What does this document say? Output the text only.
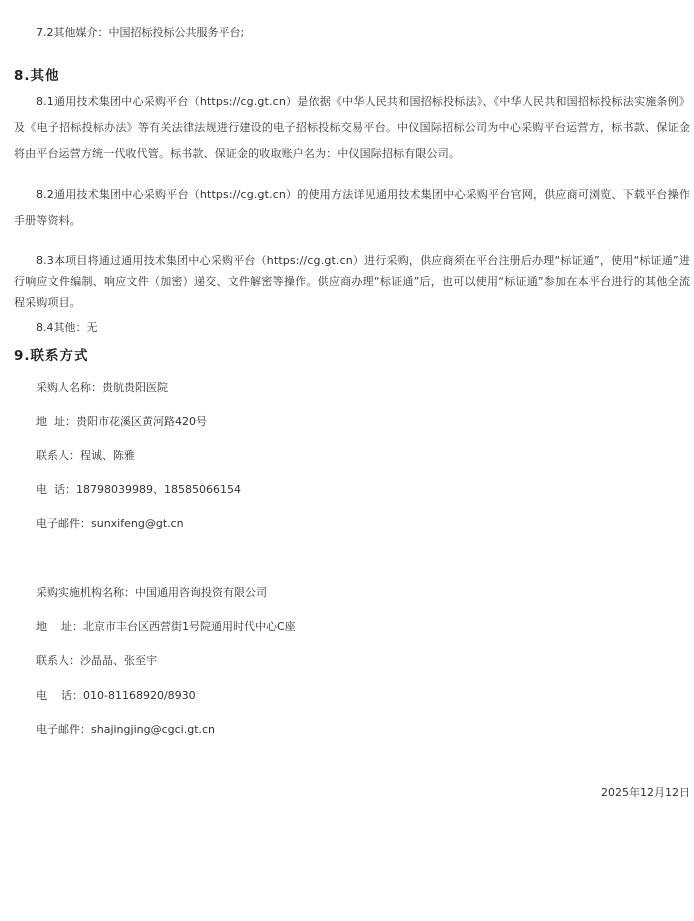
7.2其他媒介：中国招标投标公共服务平台;

8.其他

8.1通用技术集团中心采购平台（https://cg.gt.cn）是依据《中华人民共和国招标投标法》、《中华人民共和国招标投标法实施条例》及《电子招标投标办法》等有关法律法规进行建设的电子招标投标交易平台。中仪国际招标公司为中心采购平台运营方，标书款、保证金将由平台运营方统一代收代管。标书款、保证金的收取账户名为：中仪国际招标有限公司。

8.2通用技术集团中心采购平台（https://cg.gt.cn）的使用方法详见通用技术集团中心采购平台官网，供应商可浏览、下载平台操作手册等资料。

8.3本项目将通过通用技术集团中心采购平台（https://cg.gt.cn）进行采购，供应商须在平台注册后办理“标证通”，使用“标证通”进行响应文件编制、响应文件（加密）递交、文件解密等操作。供应商办理“标证通”后，也可以使用“标证通”参加在本平台进行的其他全流程采购项目。

8.4其他：无

9.联系方式

采购人名称：贵航贵阳医院

地  址：贵阳市花溪区黄河路420号

联系人：程诚、陈雅

电  话：18798039989、18585066154

电子邮件：sunxifeng@gt.cn

采购实施机构名称：中国通用咨询投资有限公司

地    址：北京市丰台区西营街1号院通用时代中心C座

联系人：沙晶晶、张至宇

电    话：010-81168920/8930

电子邮件：shajingjing@cgci.gt.cn

2025年12月12日
